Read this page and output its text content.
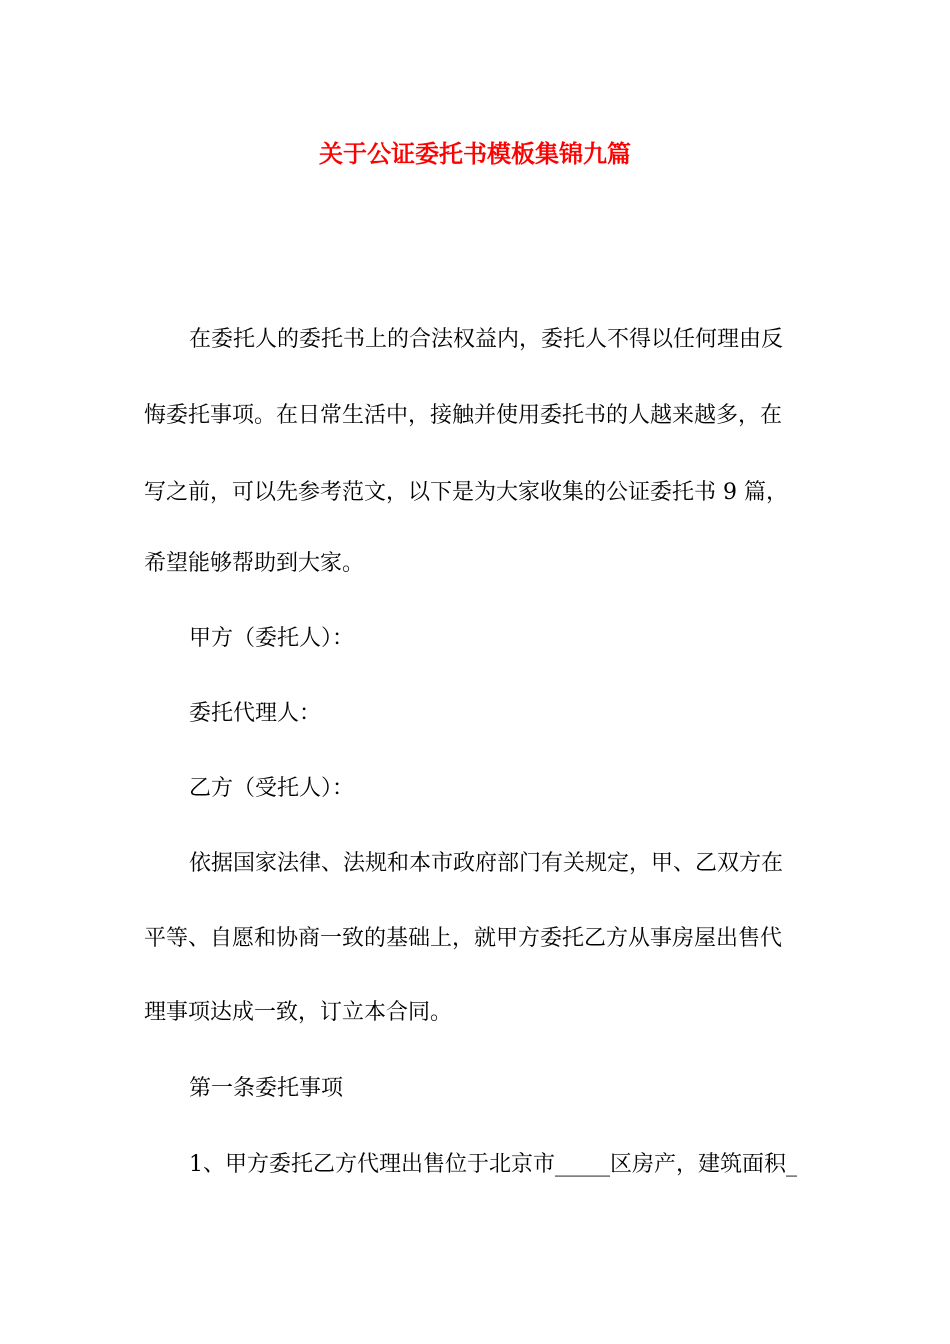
关于公证委托书模板集锦九篇
在委托人的委托书上的合法权益内，委托人不得以任何理由反
悔委托事项。在日常生活中，接触并使用委托书的人越来越多，在
写之前，可以先参考范文，以下是为大家收集的公证委托书 9 篇，
希望能够帮助到大家。
甲方（委托人）：
委托代理人：
乙方（受托人）：
依据国家法律、法规和本市政府部门有关规定，甲、乙双方在
平等、自愿和协商一致的基础上，就甲方委托乙方从事房屋出售代
理事项达成一致，订立本合同。
第一条委托事项
1、甲方委托乙方代理出售位于北京市_____区房产，建筑面积_
